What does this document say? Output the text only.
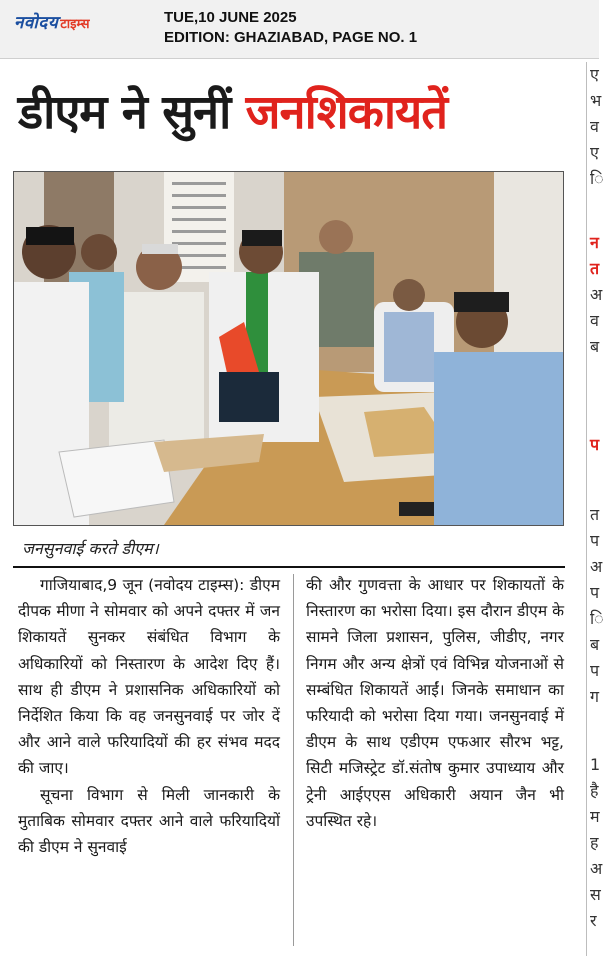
नवोदय टाइम्स	TUE,10 JUNE 2025
EDITION: GHAZIABAD, PAGE NO. 1
डीएम ने सुनीं जनशिकायतें
जनसुनवाई करते डीएम।

गाजियाबाद,9 जून (नवोदय टाइम्स): डीएम दीपक मीणा ने सोमवार को अपने दफ्तर में जन शिकायतें सुनकर संबंधित विभाग के अधिकारियों को निस्तारण के आदेश दिए हैं। साथ ही डीएम ने प्रशासनिक अधिकारियों को निर्देशित किया कि वह जनसुनवाई पर जोर दें और आने वाले फरियादियों की हर संभव मदद की जाए।

सूचना विभाग से मिली जानकारी के मुताबिक सोमवार दफ्तर आने वाले फरियादियों की डीएम ने सुनवाई

की और गुणवत्ता के आधार पर शिकायतों के निस्तारण का भरोसा दिया। इस दौरान डीएम के सामने जिला प्रशासन, पुलिस, जीडीए, नगर निगम और अन्य क्षेत्रों एवं विभिन्न योजनाओं से सम्बंधित शिकायतें आईं। जिनके समाधान का फरियादी को भरोसा दिया गया। जनसुनवाई में डीएम के साथ एडीएम एफआर सौरभ भट्ट, सिटी मजिस्ट्रेट डॉ.संतोष कुमार उपाध्याय और ट्रेनी आईएएस अधिकारी अयान जैन भी उपस्थित रहे।

ए
भ
व
ए
ि
न
त
अ
व
ब
प
त
प
अ
प
ि
ब
प
ग
1
है
म
ह
अ
स
र
